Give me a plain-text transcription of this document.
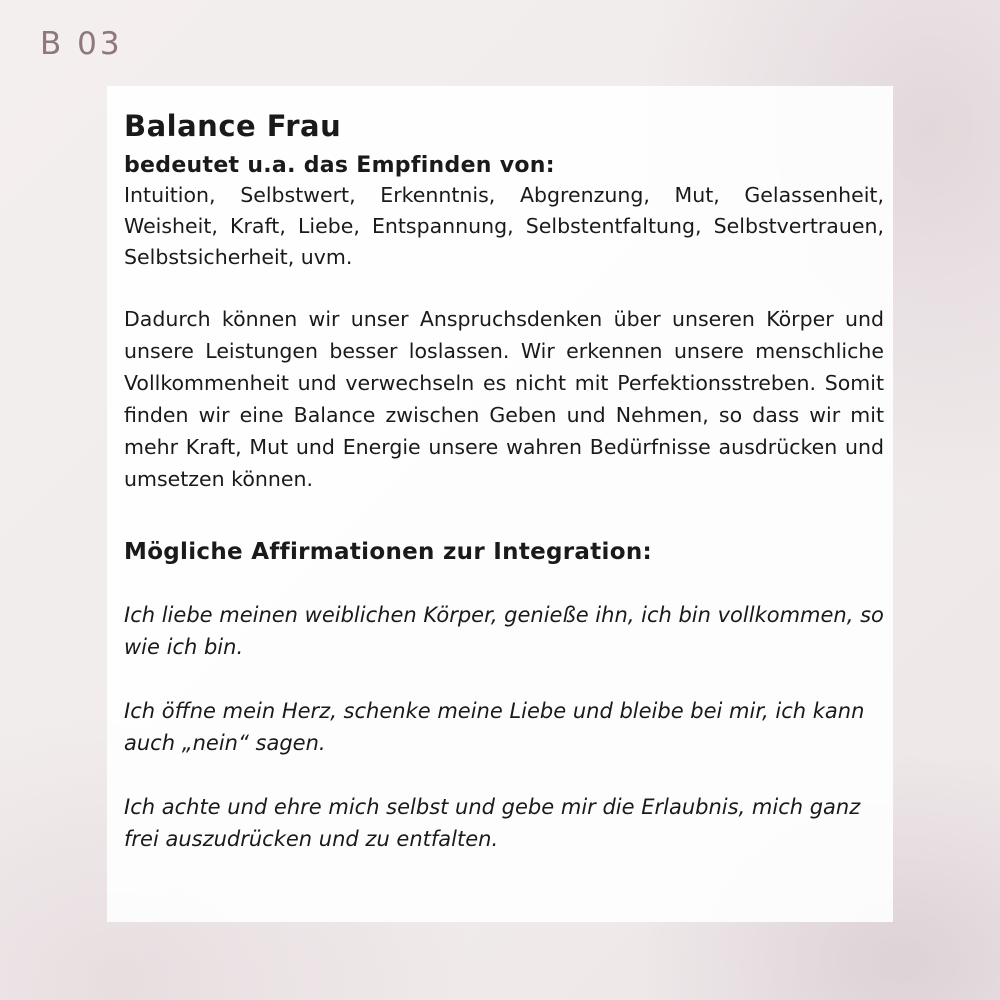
B 03
Balance Frau
bedeutet u.a. das Empfinden von:

Intuition, Selbstwert, Erkenntnis, Abgrenzung, Mut, Gelassenheit, Weisheit, Kraft, Liebe, Entspannung, Selbstentfaltung, Selbstvertrauen, Selbstsicherheit, uvm.

Dadurch können wir unser Anspruchsdenken über unseren Körper und unsere Leistungen besser loslassen. Wir erkennen unsere menschliche Vollkommenheit und verwechseln es nicht mit Perfektionsstreben. Somit finden wir eine Balance zwischen Geben und Nehmen, so dass wir mit mehr Kraft, Mut und Energie unsere wahren Bedürfnisse ausdrücken und umsetzen können.

Mögliche Affirmationen zur Integration:

Ich liebe meinen weiblichen Körper, genieße ihn, ich bin vollkommen, so wie ich bin.

Ich öffne mein Herz, schenke meine Liebe und bleibe bei mir, ich kann auch „nein“ sagen.

Ich achte und ehre mich selbst und gebe mir die Erlaubnis, mich ganz frei auszudrücken und zu entfalten.
